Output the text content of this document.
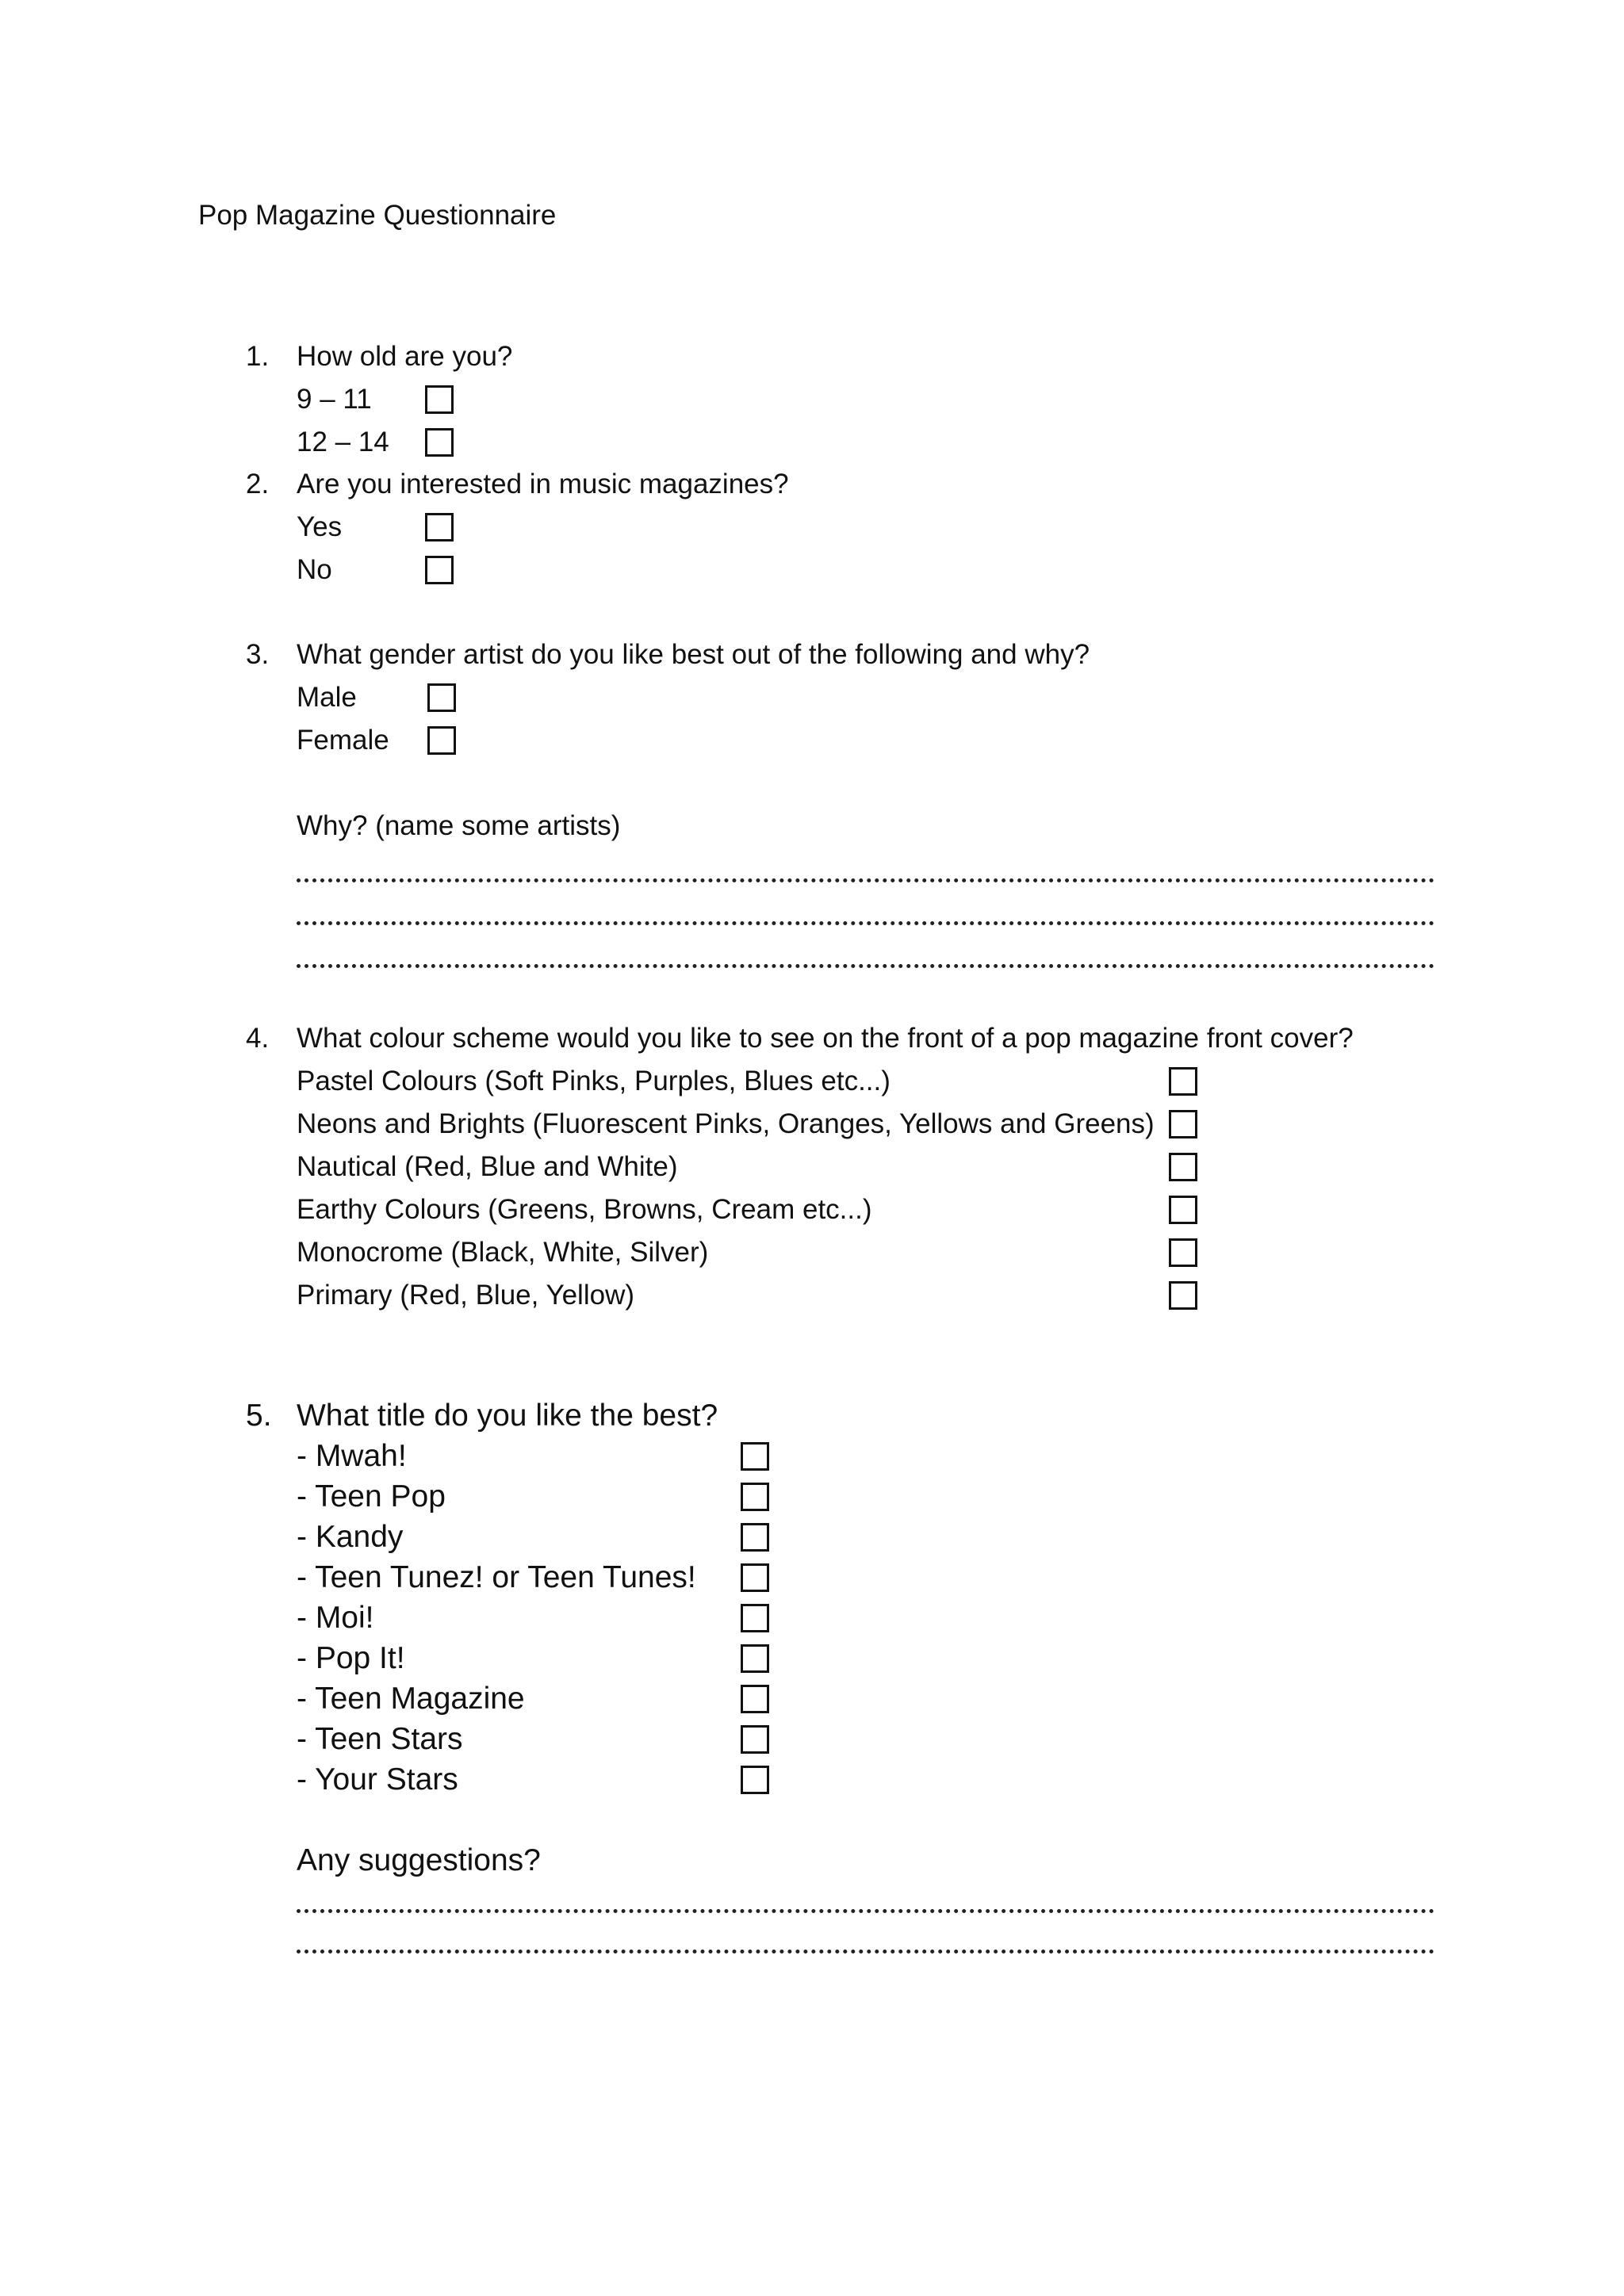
Pop Magazine Questionnaire
1. How old are you?
9 – 11
12 – 14
2. Are you interested in music magazines?
Yes
No
3. What gender artist do you like best out of the following and why?
Male
Female
Why? (name some artists)
4. What colour scheme would you like to see on the front of a pop magazine front cover?
Pastel Colours (Soft Pinks, Purples, Blues etc...)
Neons and Brights (Fluorescent Pinks, Oranges, Yellows and Greens)
Nautical (Red, Blue and White)
Earthy Colours (Greens, Browns, Cream etc...)
Monocrome (Black, White, Silver)
Primary (Red, Blue, Yellow)
5. What title do you like the best?
- Mwah!
- Teen Pop
- Kandy
- Teen Tunez! or Teen Tunes!
- Moi!
- Pop It!
- Teen Magazine
- Teen Stars
- Your Stars
Any suggestions?
